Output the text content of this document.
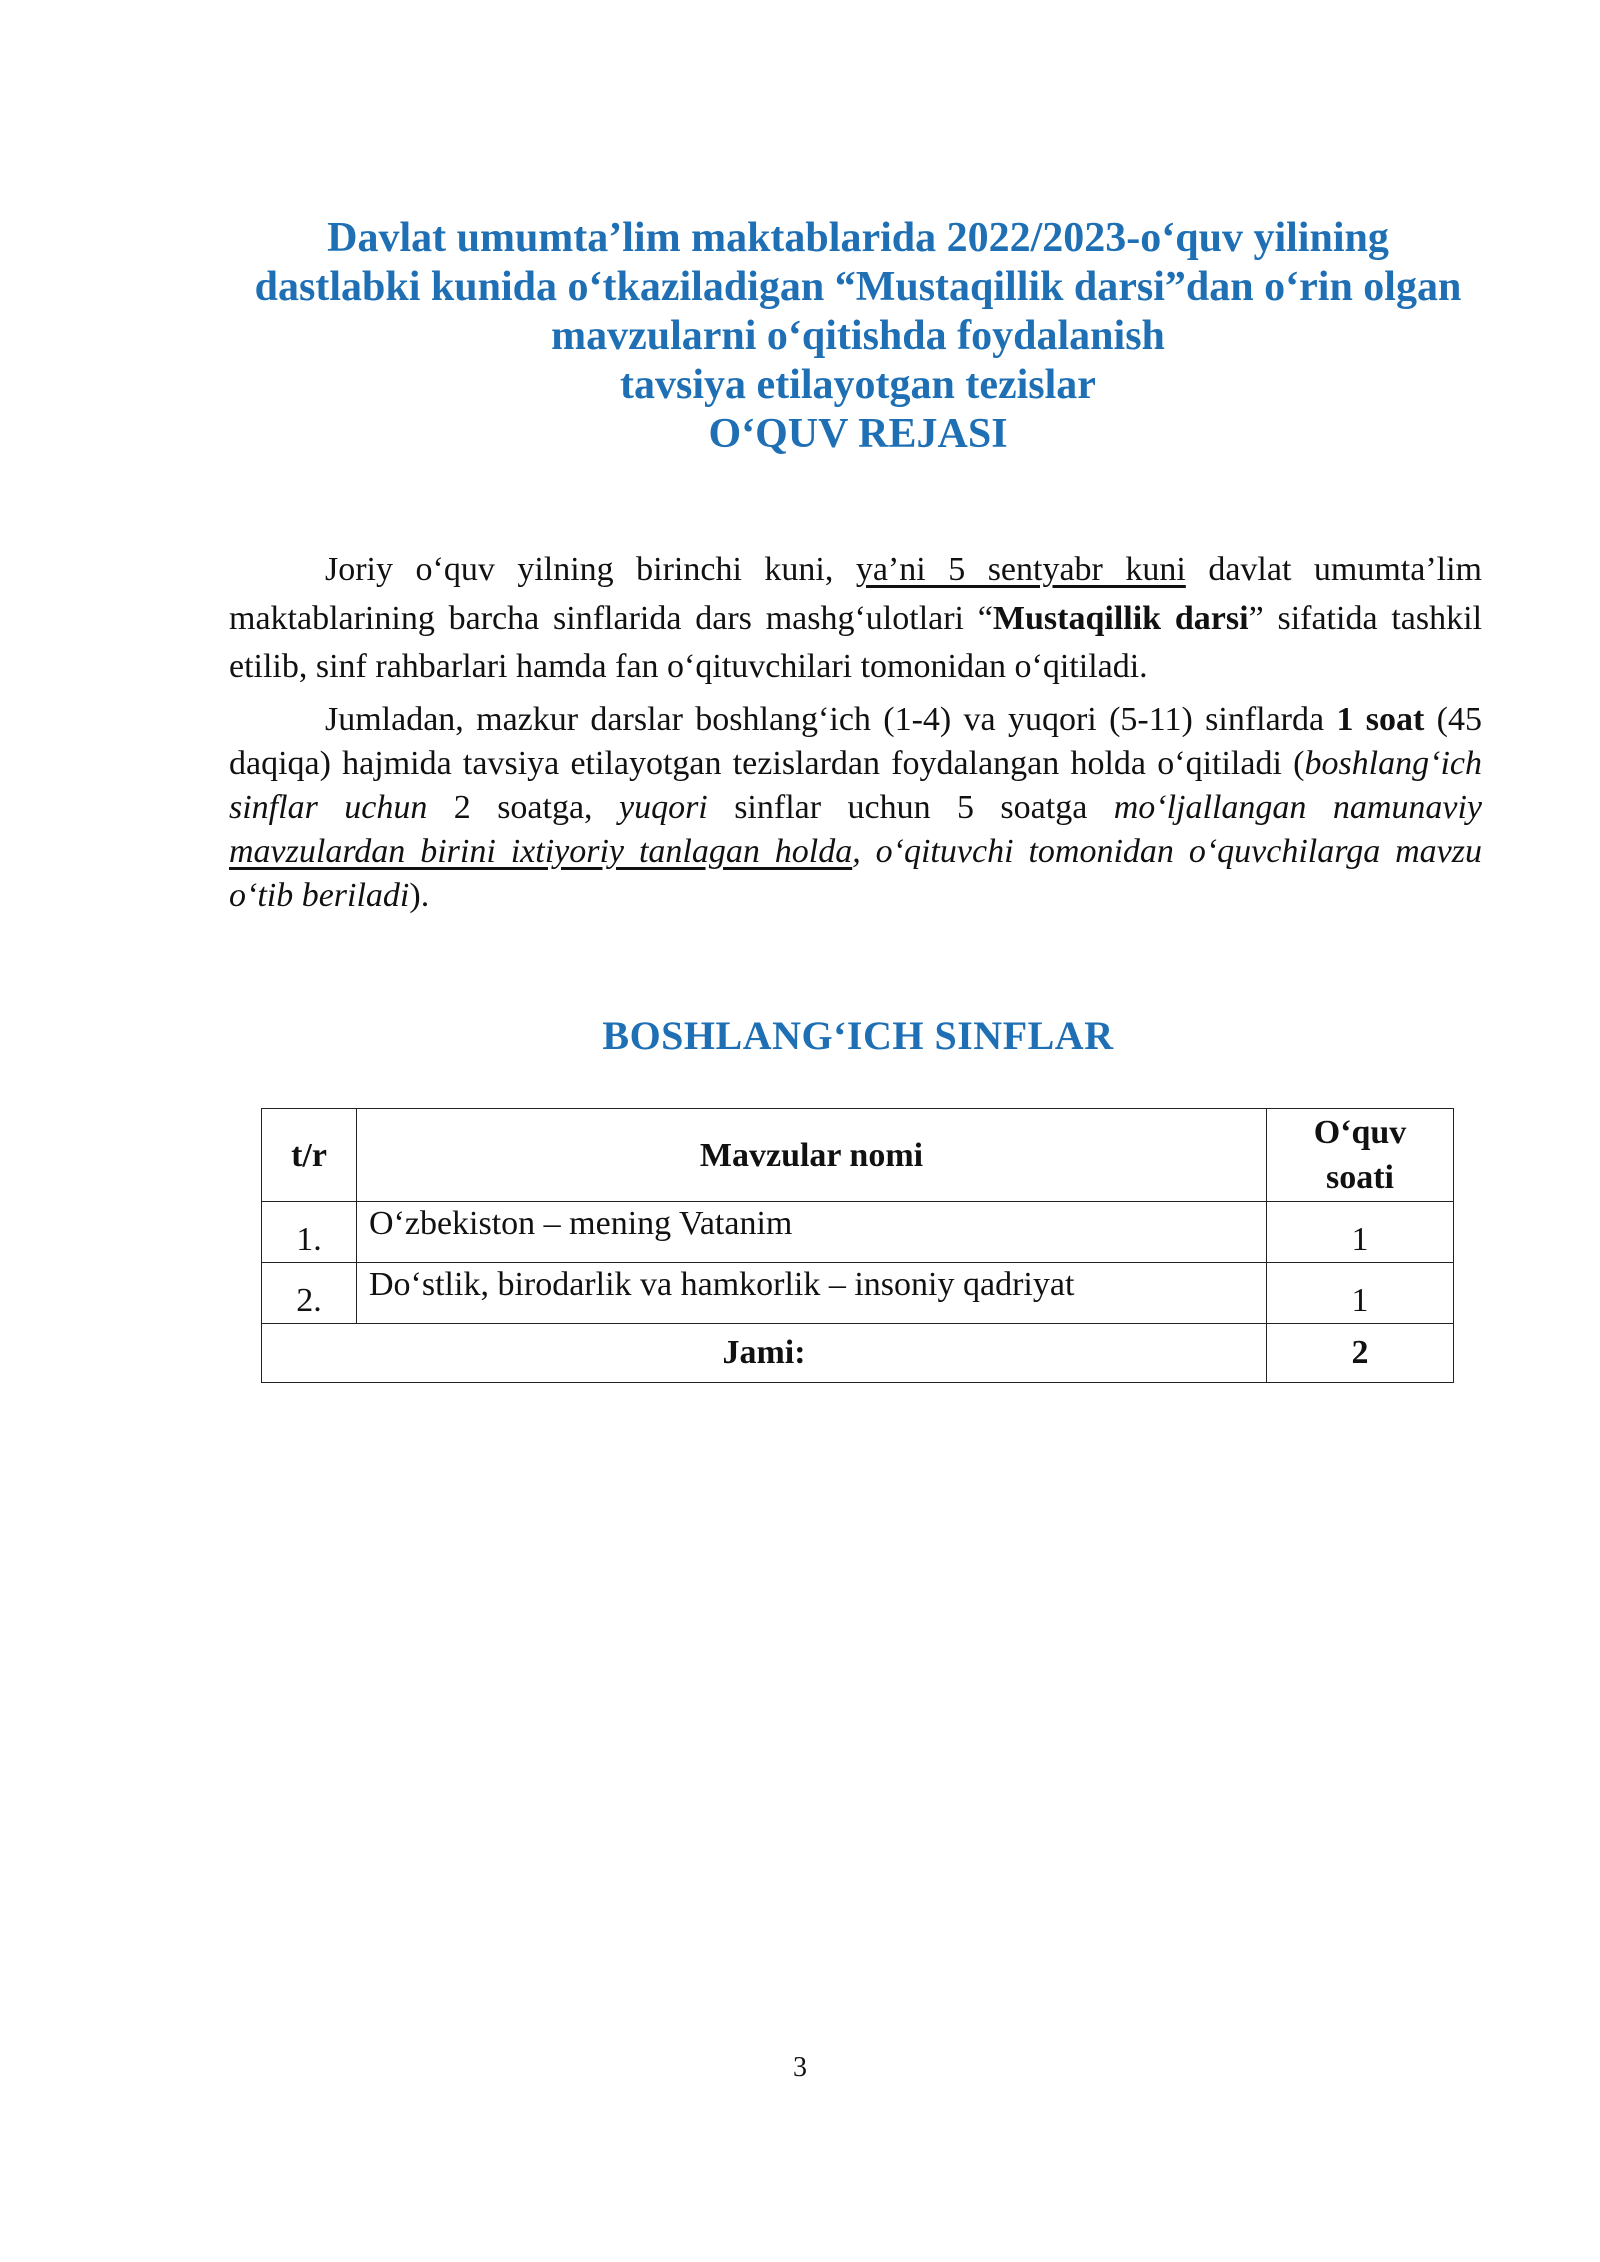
Davlat umumta’lim maktablarida 2022/2023-o‘quv yilining
dastlabki kunida o‘tkaziladigan “Mustaqillik darsi”dan o‘rin olgan
mavzularni o‘qitishda foydalanish
tavsiya etilayotgan tezislar
O‘QUV REJASI

Joriy o‘quv yilning birinchi kuni, ya’ni 5 sentyabr kuni davlat umumta’lim maktablarining barcha sinflarida dars mashg‘ulotlari “Mustaqillik darsi” sifatida tashkil etilib, sinf rahbarlari hamda fan o‘qituvchilari tomonidan o‘qitiladi.

Jumladan, mazkur darslar boshlang‘ich (1-4) va yuqori (5-11) sinflarda 1 soat (45 daqiqa) hajmida tavsiya etilayotgan tezislardan foydalangan holda o‘qitiladi (boshlang‘ich sinflar uchun 2 soatga, yuqori sinflar uchun 5 soatga mo‘ljallangan namunaviy mavzulardan birini ixtiyoriy tanlagan holda, o‘qituvchi tomonidan o‘quvchilarga mavzu o‘tib beriladi).

BOSHLANG‘ICH SINFLAR
t/r	Mavzular nomi	O‘quv
soati
1.	O‘zbekiston – mening Vatanim	1
2.	Do‘stlik, birodarlik va hamkorlik – insoniy qadriyat	1
Jami:		2
3
